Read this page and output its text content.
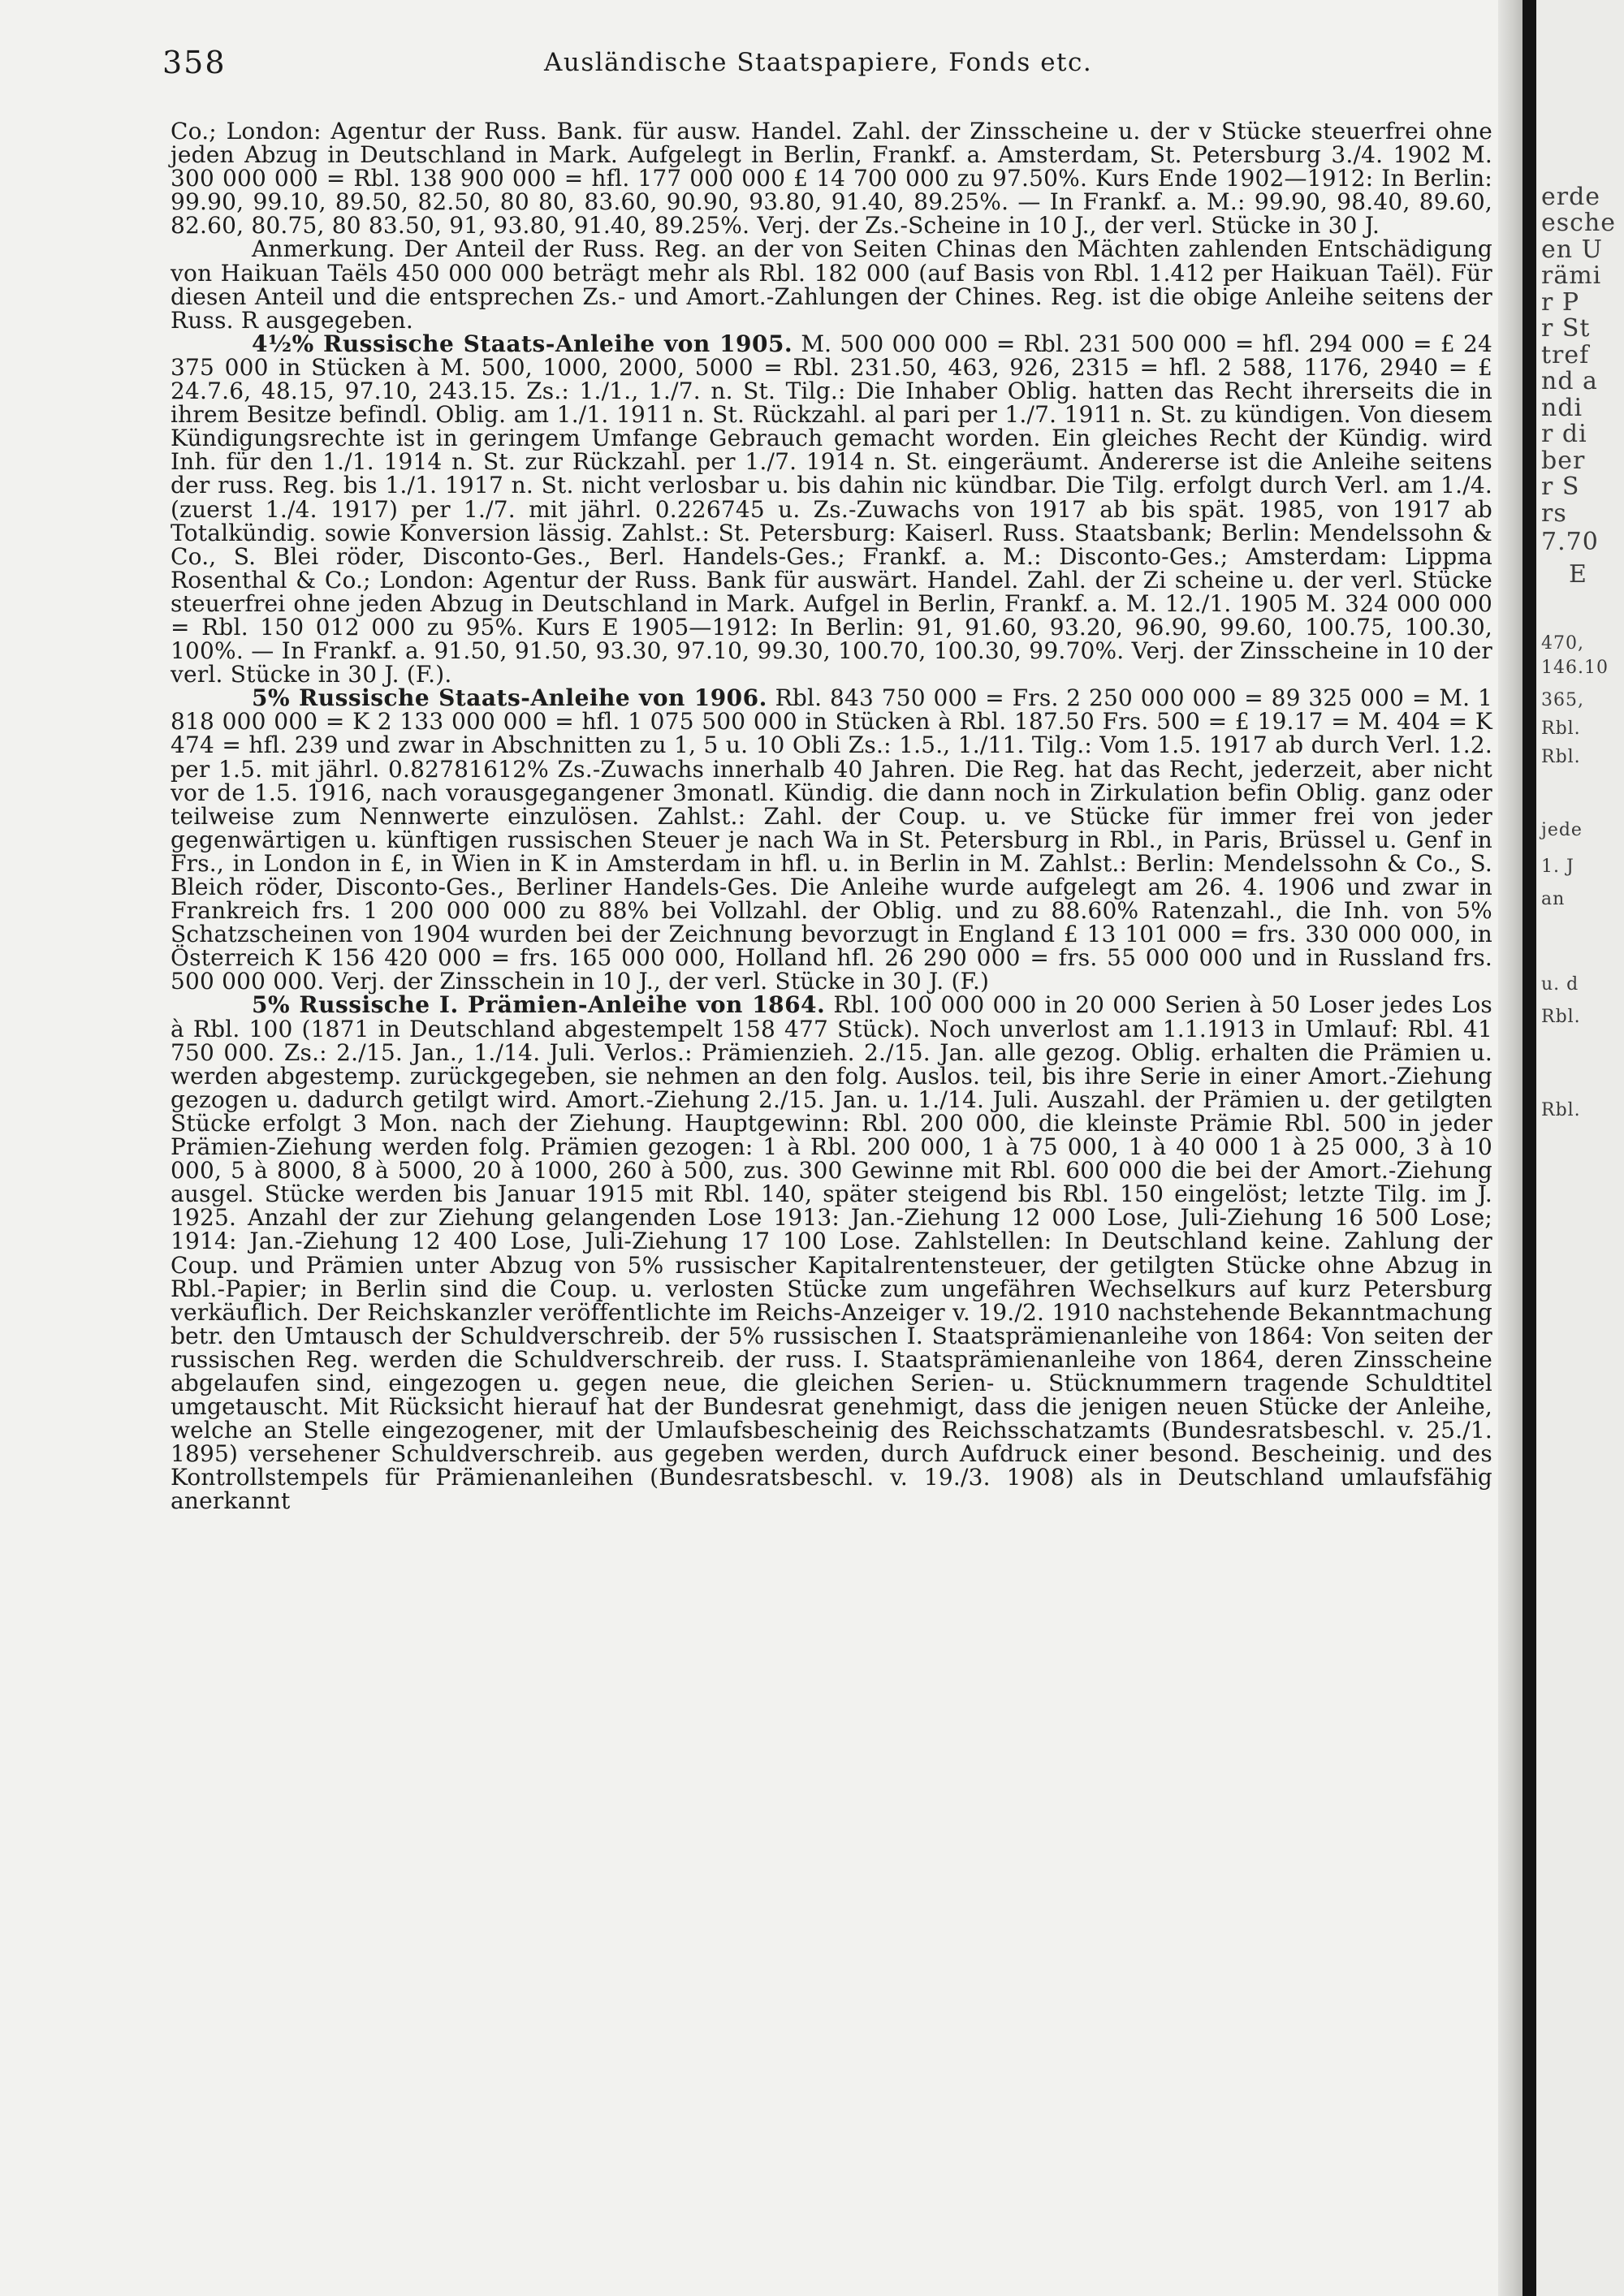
358	Ausländische Staatspapiere, Fonds etc.

Co.; London: Agentur der Russ. Bank. für ausw. Handel. Zahl. der Zinsscheine u. der v Stücke steuerfrei ohne jeden Abzug in Deutschland in Mark. Aufgelegt in Berlin, Frankf. a. Amsterdam, St. Petersburg 3./4. 1902 M. 300 000 000 = Rbl. 138 900 000 = hfl. 177 000 000 £ 14 700 000 zu 97.50%. Kurs Ende 1902—1912: In Berlin: 99.90, 99.10, 89.50, 82.50, 80 80, 83.60, 90.90, 93.80, 91.40, 89.25%. — In Frankf. a. M.: 99.90, 98.40, 89.60, 82.60, 80.75, 80 83.50, 91, 93.80, 91.40, 89.25%. Verj. der Zs.-Scheine in 10 J., der verl. Stücke in 30 J.

Anmerkung. Der Anteil der Russ. Reg. an der von Seiten Chinas den Mächten zahlenden Entschädigung von Haikuan Taëls 450 000 000 beträgt mehr als Rbl. 182 000 (auf Basis von Rbl. 1.412 per Haikuan Taël). Für diesen Anteil und die entsprechen Zs.- und Amort.-Zahlungen der Chines. Reg. ist die obige Anleihe seitens der Russ. R ausgegeben.

4½% Russische Staats-Anleihe von 1905. M. 500 000 000 = Rbl. 231 500 000 = hfl. 294 000 = £ 24 375 000 in Stücken à M. 500, 1000, 2000, 5000 = Rbl. 231.50, 463, 926, 2315 = hfl. 2 588, 1176, 2940 = £ 24.7.6, 48.15, 97.10, 243.15. Zs.: 1./1., 1./7. n. St. Tilg.: Die Inhaber Oblig. hatten das Recht ihrerseits die in ihrem Besitze befindl. Oblig. am 1./1. 1911 n. St. Rückzahl. al pari per 1./7. 1911 n. St. zu kündigen. Von diesem Kündigungsrechte ist in geringem Umfange Gebrauch gemacht worden. Ein gleiches Recht der Kündig. wird Inh. für den 1./1. 1914 n. St. zur Rückzahl. per 1./7. 1914 n. St. eingeräumt. Andererse ist die Anleihe seitens der russ. Reg. bis 1./1. 1917 n. St. nicht verlosbar u. bis dahin nic kündbar. Die Tilg. erfolgt durch Verl. am 1./4. (zuerst 1./4. 1917) per 1./7. mit jährl. 0.226745 u. Zs.-Zuwachs von 1917 ab bis spät. 1985, von 1917 ab Totalkündig. sowie Konversion lässig. Zahlst.: St. Petersburg: Kaiserl. Russ. Staatsbank; Berlin: Mendelssohn & Co., S. Blei röder, Disconto-Ges., Berl. Handels-Ges.; Frankf. a. M.: Disconto-Ges.; Amsterdam: Lippma Rosenthal & Co.; London: Agentur der Russ. Bank für auswärt. Handel. Zahl. der Zi scheine u. der verl. Stücke steuerfrei ohne jeden Abzug in Deutschland in Mark. Aufgel in Berlin, Frankf. a. M. 12./1. 1905 M. 324 000 000 = Rbl. 150 012 000 zu 95%. Kurs E 1905—1912: In Berlin: 91, 91.60, 93.20, 96.90, 99.60, 100.75, 100.30, 100%. — In Frankf. a. 91.50, 91.50, 93.30, 97.10, 99.30, 100.70, 100.30, 99.70%. Verj. der Zinsscheine in 10 der verl. Stücke in 30 J. (F.).

5% Russische Staats-Anleihe von 1906. Rbl. 843 750 000 = Frs. 2 250 000 000 = 89 325 000 = M. 1 818 000 000 = K 2 133 000 000 = hfl. 1 075 500 000 in Stücken à Rbl. 187.50 Frs. 500 = £ 19.17 = M. 404 = K 474 = hfl. 239 und zwar in Abschnitten zu 1, 5 u. 10 Obli Zs.: 1.5., 1./11. Tilg.: Vom 1.5. 1917 ab durch Verl. 1.2. per 1.5. mit jährl. 0.82781612% Zs.-Zuwachs innerhalb 40 Jahren. Die Reg. hat das Recht, jederzeit, aber nicht vor de 1.5. 1916, nach vorausgegangener 3monatl. Kündig. die dann noch in Zirkulation befin Oblig. ganz oder teilweise zum Nennwerte einzulösen. Zahlst.: Zahl. der Coup. u. ve Stücke für immer frei von jeder gegenwärtigen u. künftigen russischen Steuer je nach Wa in St. Petersburg in Rbl., in Paris, Brüssel u. Genf in Frs., in London in £, in Wien in K in Amsterdam in hfl. u. in Berlin in M. Zahlst.: Berlin: Mendelssohn & Co., S. Bleich röder, Disconto-Ges., Berliner Handels-Ges. Die Anleihe wurde aufgelegt am 26. 4. 1906 und zwar in Frankreich frs. 1 200 000 000 zu 88% bei Vollzahl. der Oblig. und zu 88.60% Ratenzahl., die Inh. von 5% Schatzscheinen von 1904 wurden bei der Zeichnung bevorzugt in England £ 13 101 000 = frs. 330 000 000, in Österreich K 156 420 000 = frs. 165 000 000, Holland hfl. 26 290 000 = frs. 55 000 000 und in Russland frs. 500 000 000. Verj. der Zinsschein in 10 J., der verl. Stücke in 30 J. (F.)

5% Russische I. Prämien-Anleihe von 1864. Rbl. 100 000 000 in 20 000 Serien à 50 Loser jedes Los à Rbl. 100 (1871 in Deutschland abgestempelt 158 477 Stück). Noch unverlost am 1.1.1913 in Umlauf: Rbl. 41 750 000. Zs.: 2./15. Jan., 1./14. Juli. Verlos.: Prämienzieh. 2./15. Jan. alle gezog. Oblig. erhalten die Prämien u. werden abgestemp. zurückgegeben, sie nehmen an den folg. Auslos. teil, bis ihre Serie in einer Amort.-Ziehung gezogen u. dadurch getilgt wird. Amort.-Ziehung 2./15. Jan. u. 1./14. Juli. Auszahl. der Prämien u. der getilgten Stücke erfolgt 3 Mon. nach der Ziehung. Hauptgewinn: Rbl. 200 000, die kleinste Prämie Rbl. 500 in jeder Prämien-Ziehung werden folg. Prämien gezogen: 1 à Rbl. 200 000, 1 à 75 000, 1 à 40 000 1 à 25 000, 3 à 10 000, 5 à 8000, 8 à 5000, 20 à 1000, 260 à 500, zus. 300 Gewinne mit Rbl. 600 000 die bei der Amort.-Ziehung ausgel. Stücke werden bis Januar 1915 mit Rbl. 140, später steigend bis Rbl. 150 eingelöst; letzte Tilg. im J. 1925. Anzahl der zur Ziehung gelangenden Lose 1913: Jan.-Ziehung 12 000 Lose, Juli-Ziehung 16 500 Lose; 1914: Jan.-Ziehung 12 400 Lose, Juli-Ziehung 17 100 Lose. Zahlstellen: In Deutschland keine. Zahlung der Coup. und Prämien unter Abzug von 5% russischer Kapitalrentensteuer, der getilgten Stücke ohne Abzug in Rbl.-Papier; in Berlin sind die Coup. u. verlosten Stücke zum ungefähren Wechselkurs auf kurz Petersburg verkäuflich. Der Reichskanzler veröffentlichte im Reichs-Anzeiger v. 19./2. 1910 nachstehende Bekanntmachung betr. den Umtausch der Schuldverschreib. der 5% russischen I. Staatsprämienanleihe von 1864: Von seiten der russischen Reg. werden die Schuldverschreib. der russ. I. Staatsprämienanleihe von 1864, deren Zinsscheine abgelaufen sind, eingezogen u. gegen neue, die gleichen Serien- u. Stücknummern tragende Schuldtitel umgetauscht. Mit Rücksicht hierauf hat der Bundesrat genehmigt, dass die jenigen neuen Stücke der Anleihe, welche an Stelle eingezogener, mit der Umlaufsbescheinig des Reichsschatzamts (Bundesratsbeschl. v. 25./1. 1895) versehener Schuldverschreib. aus gegeben werden, durch Aufdruck einer besond. Bescheinig. und des Kontrollstempels für Prämienanleihen (Bundesratsbeschl. v. 19./3. 1908) als in Deutschland umlaufsfähig anerkannt

erde
esche
en U
rämi
r P
r St
tref
nd a
ndi
r di
ber
r S
rs
7.70
E
470,
146.10
365,
Rbl.
Rbl.
jede
1. J
an
u. d
Rbl.
Rbl.
